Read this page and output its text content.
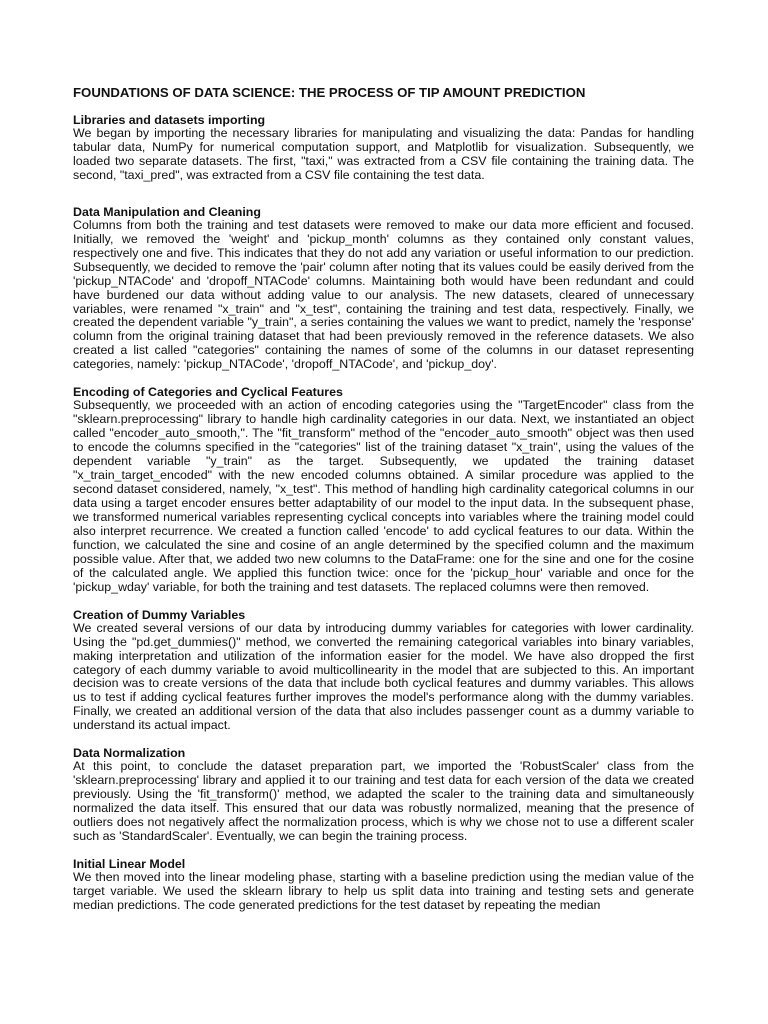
FOUNDATIONS OF DATA SCIENCE: THE PROCESS OF TIP AMOUNT PREDICTION
Libraries and datasets importing

We began by importing the necessary libraries for manipulating and visualizing the data: Pandas for handling tabular data, NumPy for numerical computation support, and Matplotlib for visualization. Subsequently, we loaded two separate datasets. The first, "taxi," was extracted from a CSV file containing the training data. The second, "taxi_pred", was extracted from a CSV file containing the test data.

Data Manipulation and Cleaning

Columns from both the training and test datasets were removed to make our data more efficient and focused. Initially, we removed the 'weight' and 'pickup_month' columns as they contained only constant values, respectively one and five. This indicates that they do not add any variation or useful information to our prediction. Subsequently, we decided to remove the 'pair' column after noting that its values could be easily derived from the 'pickup_NTACode' and 'dropoff_NTACode' columns. Maintaining both would have been redundant and could have burdened our data without adding value to our analysis. The new datasets, cleared of unnecessary variables, were renamed "x_train" and "x_test", containing the training and test data, respectively. Finally, we created the dependent variable "y_train", a series containing the values we want to predict, namely the 'response' column from the original training dataset that had been previously removed in the reference datasets. We also created a list called "categories" containing the names of some of the columns in our dataset representing categories, namely: 'pickup_NTACode', 'dropoff_NTACode', and 'pickup_doy'.

Encoding of Categories and Cyclical Features

Subsequently, we proceeded with an action of encoding categories using the "TargetEncoder" class from the "sklearn.preprocessing" library to handle high cardinality categories in our data. Next, we instantiated an object called "encoder_auto_smooth,". The "fit_transform" method of the "encoder_auto_smooth" object was then used to encode the columns specified in the "categories" list of the training dataset "x_train", using the values of the dependent variable "y_train" as the target. Subsequently, we updated the training dataset "x_train_target_encoded" with the new encoded columns obtained. A similar procedure was applied to the second dataset considered, namely, "x_test". This method of handling high cardinality categorical columns in our data using a target encoder ensures better adaptability of our model to the input data. In the subsequent phase, we transformed numerical variables representing cyclical concepts into variables where the training model could also interpret recurrence. We created a function called 'encode' to add cyclical features to our data. Within the function, we calculated the sine and cosine of an angle determined by the specified column and the maximum possible value. After that, we added two new columns to the DataFrame: one for the sine and one for the cosine of the calculated angle. We applied this function twice: once for the 'pickup_hour' variable and once for the 'pickup_wday' variable, for both the training and test datasets. The replaced columns were then removed.

Creation of Dummy Variables

We created several versions of our data by introducing dummy variables for categories with lower cardinality. Using the "pd.get_dummies()" method, we converted the remaining categorical variables into binary variables, making interpretation and utilization of the information easier for the model. We have also dropped the first category of each dummy variable to avoid multicollinearity in the model that are subjected to this. An important decision was to create versions of the data that include both cyclical features and dummy variables. This allows us to test if adding cyclical features further improves the model's performance along with the dummy variables. Finally, we created an additional version of the data that also includes passenger count as a dummy variable to understand its actual impact.

Data Normalization

At this point, to conclude the dataset preparation part, we imported the 'RobustScaler' class from the 'sklearn.preprocessing' library and applied it to our training and test data for each version of the data we created previously. Using the 'fit_transform()' method, we adapted the scaler to the training data and simultaneously normalized the data itself. This ensured that our data was robustly normalized, meaning that the presence of outliers does not negatively affect the normalization process, which is why we chose not to use a different scaler such as 'StandardScaler'. Eventually, we can begin the training process.

Initial Linear Model

We then moved into the linear modeling phase, starting with a baseline prediction using the median value of the target variable. We used the sklearn library to help us split data into training and testing sets and generate median predictions. The code generated predictions for the test dataset by repeating the median
